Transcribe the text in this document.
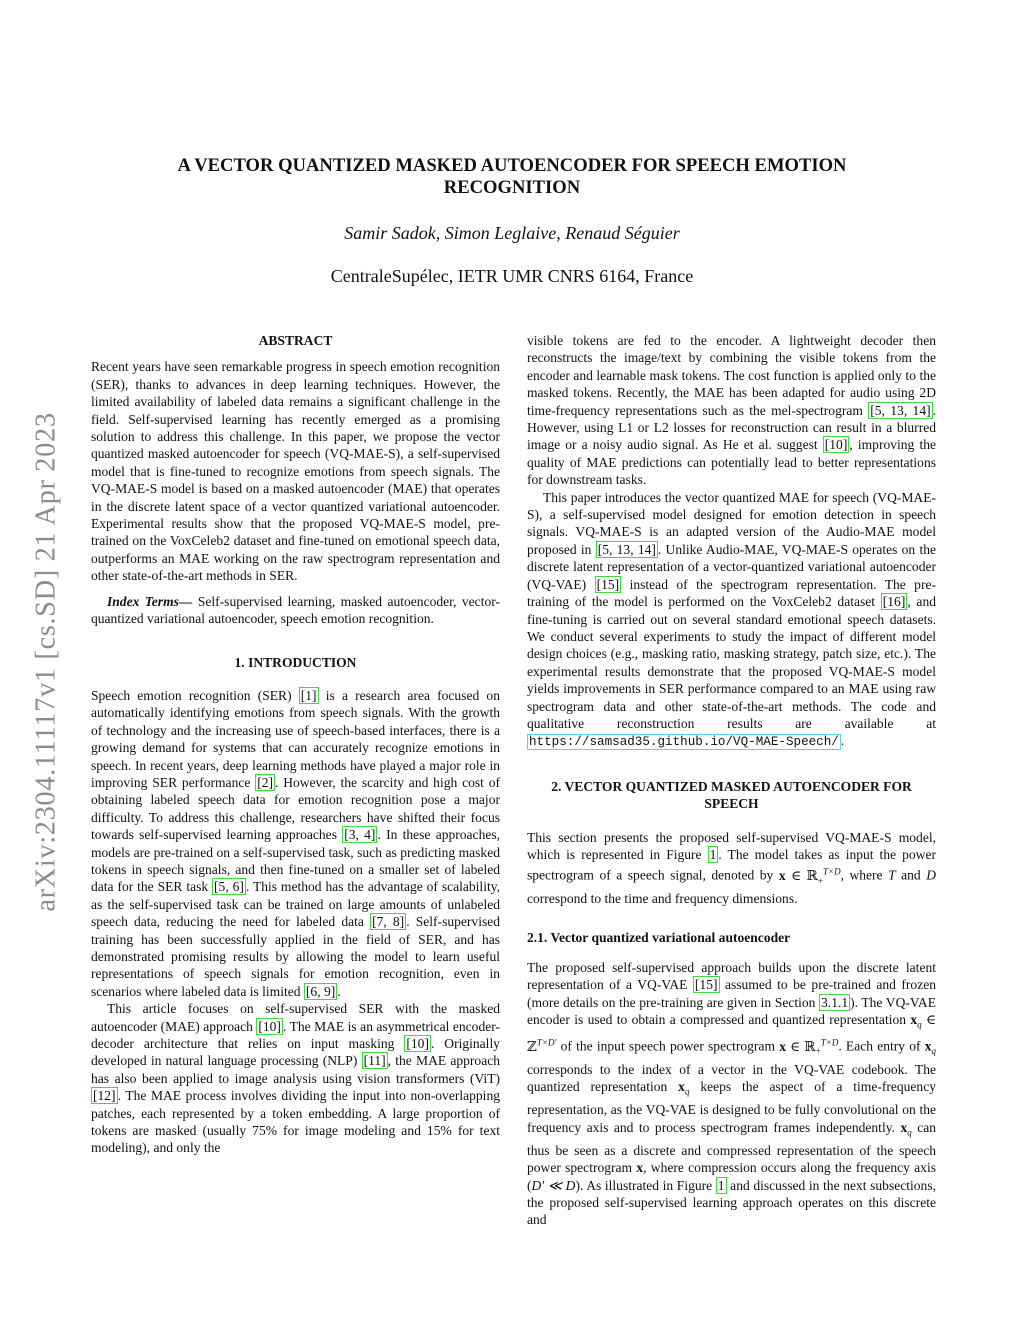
arXiv:2304.11117v1 [cs.SD] 21 Apr 2023
A VECTOR QUANTIZED MASKED AUTOENCODER FOR SPEECH EMOTION RECOGNITION
Samir Sadok, Simon Leglaive, Renaud Séguier
CentraleSupélec, IETR UMR CNRS 6164, France
ABSTRACT

Recent years have seen remarkable progress in speech emotion recognition (SER), thanks to advances in deep learning techniques. However, the limited availability of labeled data remains a significant challenge in the field. Self-supervised learning has recently emerged as a promising solution to address this challenge. In this paper, we propose the vector quantized masked autoencoder for speech (VQ-MAE-S), a self-supervised model that is fine-tuned to recognize emotions from speech signals. The VQ-MAE-S model is based on a masked autoencoder (MAE) that operates in the discrete latent space of a vector quantized variational autoencoder. Experimental results show that the proposed VQ-MAE-S model, pre-trained on the VoxCeleb2 dataset and fine-tuned on emotional speech data, outperforms an MAE working on the raw spectrogram representation and other state-of-the-art methods in SER.

Index Terms— Self-supervised learning, masked autoencoder, vector-quantized variational autoencoder, speech emotion recognition.

1. INTRODUCTION

Speech emotion recognition (SER) [1] is a research area focused on automatically identifying emotions from speech signals. With the growth of technology and the increasing use of speech-based interfaces, there is a growing demand for systems that can accurately recognize emotions in speech. In recent years, deep learning methods have played a major role in improving SER performance [2] . However, the scarcity and high cost of obtaining labeled speech data for emotion recognition pose a major difficulty. To address this challenge, researchers have shifted their focus towards self-supervised learning approaches [3, 4] . In these approaches, models are pre-trained on a self-supervised task, such as predicting masked tokens in speech signals, and then fine-tuned on a smaller set of labeled data for the SER task [5, 6] . This method has the advantage of scalability, as the self-supervised task can be trained on large amounts of unlabeled speech data, reducing the need for labeled data [7, 8] . Self-supervised training has been successfully applied in the field of SER, and has demonstrated promising results by allowing the model to learn useful representations of speech signals for emotion recognition, even in scenarios where labeled data is limited [6, 9] .

This article focuses on self-supervised SER with the masked autoencoder (MAE) approach [10] . The MAE is an asymmetrical encoder-decoder architecture that relies on input masking [10] . Originally developed in natural language processing (NLP) [11] , the MAE approach has also been applied to image analysis using vision transformers (ViT) [12] . The MAE process involves dividing the input into non-overlapping patches, each represented by a token embedding. A large proportion of tokens are masked (usually 75% for image modeling and 15% for text modeling), and only the

visible tokens are fed to the encoder. A lightweight decoder then reconstructs the image/text by combining the visible tokens from the encoder and learnable mask tokens. The cost function is applied only to the masked tokens. Recently, the MAE has been adapted for audio using 2D time-frequency representations such as the mel-spectrogram [5, 13, 14] . However, using L1 or L2 losses for reconstruction can result in a blurred image or a noisy audio signal. As He et al. suggest [10] , improving the quality of MAE predictions can potentially lead to better representations for downstream tasks.

This paper introduces the vector quantized MAE for speech (VQ-MAE-S), a self-supervised model designed for emotion detection in speech signals. VQ-MAE-S is an adapted version of the Audio-MAE model proposed in [5, 13, 14] . Unlike Audio-MAE, VQ-MAE-S operates on the discrete latent representation of a vector-quantized variational autoencoder (VQ-VAE) [15] instead of the spectrogram representation. The pre-training of the model is performed on the VoxCeleb2 dataset [16] , and fine-tuning is carried out on several standard emotional speech datasets. We conduct several experiments to study the impact of different model design choices (e.g., masking ratio, masking strategy, patch size, etc.). The experimental results demonstrate that the proposed VQ-MAE-S model yields improvements in SER performance compared to an MAE using raw spectrogram data and other state-of-the-art methods. The code and qualitative reconstruction results are available at https://samsad35.github.io/VQ-MAE-Speech/ .

2. VECTOR QUANTIZED MASKED AUTOENCODER FOR SPEECH

This section presents the proposed self-supervised VQ-MAE-S model, which is represented in Figure 1 . The model takes as input the power spectrogram of a speech signal, denoted by x ∈ ℝ$_+^{T\times D}$, where T and D correspond to the time and frequency dimensions.

2.1. Vector quantized variational autoencoder

The proposed self-supervised approach builds upon the discrete latent representation of a VQ-VAE [15] assumed to be pre-trained and frozen (more details on the pre-training are given in Section 3.1.1 ). The VQ-VAE encoder is used to obtain a compressed and quantized representation $x_q$ ∈ ℤ$^{T\times D'}$ of the input speech power spectrogram x ∈ ℝ$_+^{T\times D}$. Each entry of $x_q$ corresponds to the index of a vector in the VQ-VAE codebook. The quantized representation $x_q$ keeps the aspect of a time-frequency representation, as the VQ-VAE is designed to be fully convolutional on the frequency axis and to process spectrogram frames independently. $x_q$ can thus be seen as a discrete and compressed representation of the speech power spectrogram x, where compression occurs along the frequency axis (D′ ≪ D). As illustrated in Figure 1 and discussed in the next subsections, the proposed self-supervised learning approach operates on this discrete and
